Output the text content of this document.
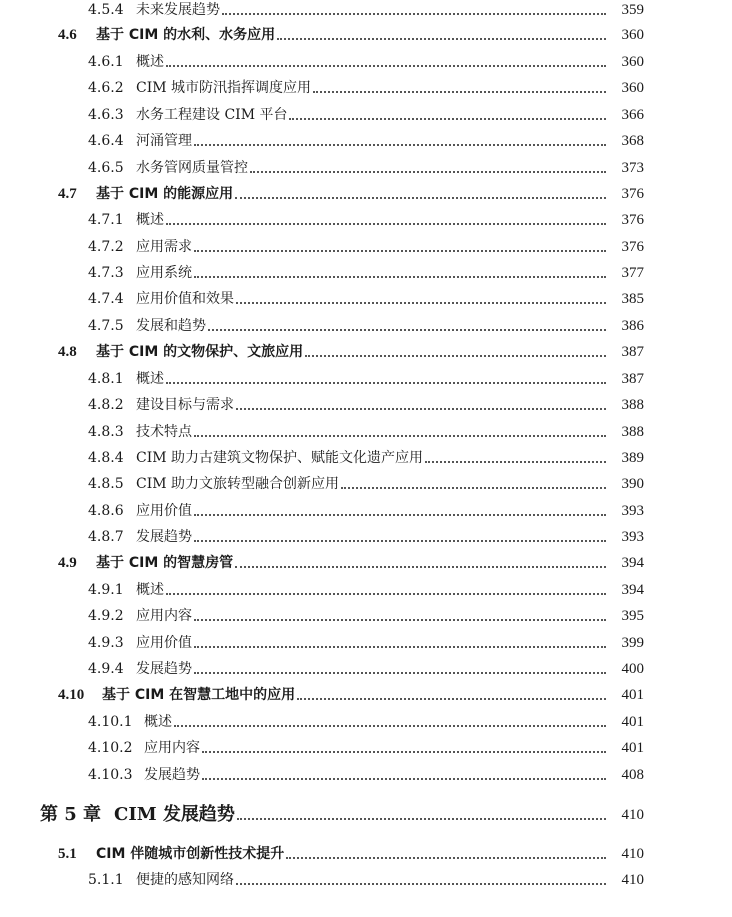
4.5.4 未来发展趋势	359
4.6	基于 CIM 的水利、水务应用	360
4.6.1 概述	360
4.6.2 CIM 城市防汛指挥调度应用	360
4.6.3 水务工程建设 CIM 平台	366
4.6.4 河涌管理	368
4.6.5 水务管网质量管控	373
4.7	基于 CIM 的能源应用	376
4.7.1 概述	376
4.7.2 应用需求	376
4.7.3 应用系统	377
4.7.4 应用价值和效果	385
4.7.5 发展和趋势	386
4.8	基于 CIM 的文物保护、文旅应用	387
4.8.1 概述	387
4.8.2 建设目标与需求	388
4.8.3 技术特点	388
4.8.4 CIM 助力古建筑文物保护、赋能文化遗产应用	389
4.8.5 CIM 助力文旅转型融合创新应用	390
4.8.6 应用价值	393
4.8.7 发展趋势	393
4.9	基于 CIM 的智慧房管	394
4.9.1 概述	394
4.9.2 应用内容	395
4.9.3 应用价值	399
4.9.4 发展趋势	400
4.10	基于 CIM 在智慧工地中的应用	401
4.10.1 概述	401
4.10.2 应用内容	401
4.10.3 发展趋势	408
第 5 章 CIM 发展趋势	410
5.1	CIM 伴随城市创新性技术提升	410
5.1.1 便捷的感知网络	410
